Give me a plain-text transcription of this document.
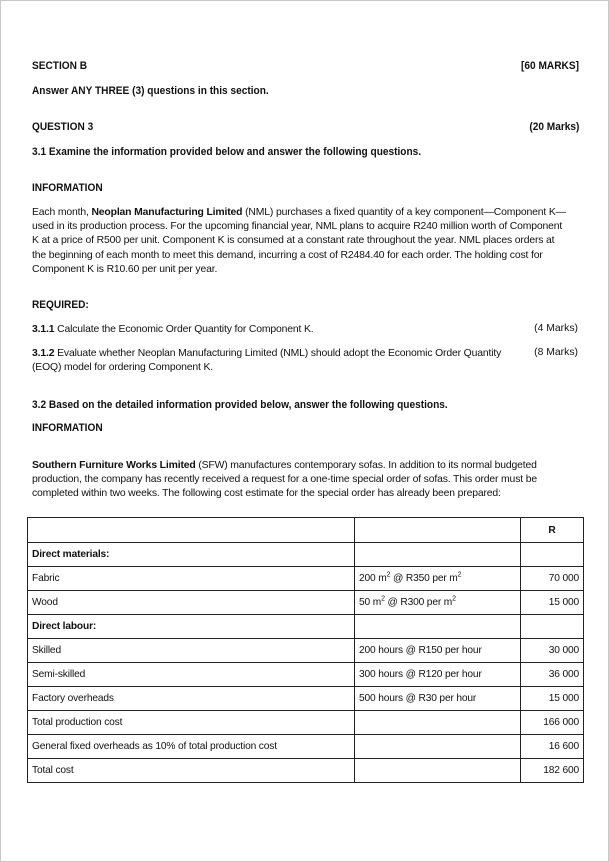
SECTION B	[60 MARKS]
Answer ANY THREE (3) questions in this section.
QUESTION 3	(20 Marks)
3.1 Examine the information provided below and answer the following questions.
INFORMATION
Each month, Neoplan Manufacturing Limited (NML) purchases a fixed quantity of a key component—Component K—used in its production process. For the upcoming financial year, NML plans to acquire R240 million worth of Component K at a price of R500 per unit. Component K is consumed at a constant rate throughout the year. NML places orders at the beginning of each month to meet this demand, incurring a cost of R2484.40 for each order. The holding cost for Component K is R10.60 per unit per year.
REQUIRED:
3.1.1 Calculate the Economic Order Quantity for Component K.	(4 Marks)
3.1.2 Evaluate whether Neoplan Manufacturing Limited (NML) should adopt the Economic Order Quantity (EOQ) model for ordering Component K.
(8 Marks)
3.2 Based on the detailed information provided below, answer the following questions.
INFORMATION
Southern Furniture Works Limited (SFW) manufactures contemporary sofas. In addition to its normal budgeted production, the company has recently received a request for a one-time special order of sofas. This order must be completed within two weeks. The following cost estimate for the special order has already been prepared:
		R
Direct materials:		
Fabric	200 $m^2$ @ R350 per $m^2$	70 000
Wood	50 $m^2$ @ R300 per $m^2$	15 000
Direct labour:		
Skilled	200 hours @ R150 per hour	30 000
Semi-skilled	300 hours @ R120 per hour	36 000
Factory overheads	500 hours @ R30 per hour	15 000
Total production cost		166 000
General fixed overheads as 10% of total production cost		16 600
Total cost		182 600
